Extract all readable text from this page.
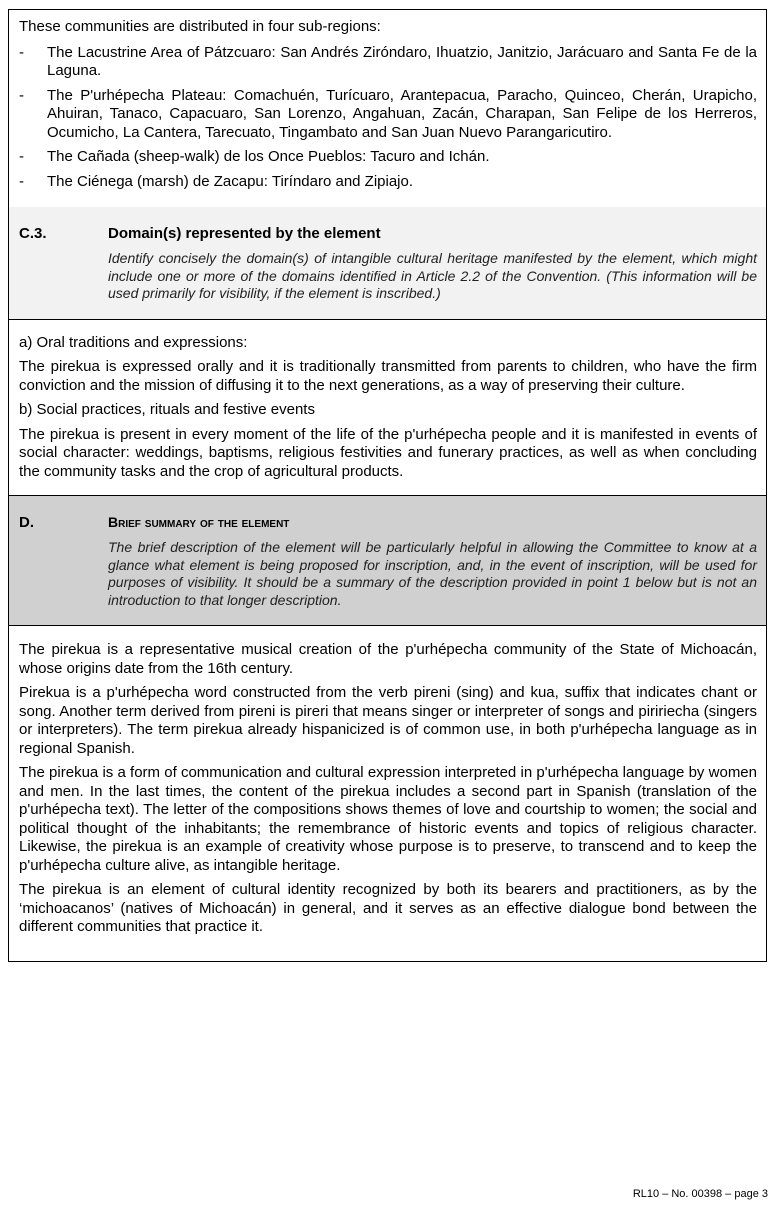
These communities are distributed in four sub-regions:

-	The Lacustrine Area of Pátzcuaro: San Andrés Ziróndaro, Ihuatzio, Janitzio, Jarácuaro and Santa Fe de la Laguna.

-	The P'urhépecha Plateau: Comachuén, Turícuaro, Arantepacua, Paracho, Quinceo, Cherán, Urapicho, Ahuiran, Tanaco, Capacuaro, San Lorenzo, Angahuan, Zacán, Charapan, San Felipe de los Herreros, Ocumicho, La Cantera, Tarecuato, Tingambato and San Juan Nuevo Parangaricutiro.

-	The Cañada (sheep-walk) de los Once Pueblos: Tacuro and Ichán.

-	The Ciénega (marsh) de Zacapu: Tiríndaro and Zipiajo.

C.3.	Domain(s) represented by the element
Identify concisely the domain(s) of intangible cultural heritage manifested by the element, which might include one or more of the domains identified in Article 2.2 of the Convention. (This information will be used primarily for visibility, if the element is inscribed.)

a) Oral traditions and expressions:

The pirekua is expressed orally and it is traditionally transmitted from parents to children, who have the firm conviction and the mission of diffusing it to the next generations, as a way of preserving their culture.

b) Social practices, rituals and festive events

The pirekua is present in every moment of the life of the p'urhépecha people and it is manifested in events of social character: weddings, baptisms, religious festivities and funerary practices, as well as when concluding the community tasks and the crop of agricultural products.

D.	Brief summary of the element
The brief description of the element will be particularly helpful in allowing the Committee to know at a glance what element is being proposed for inscription, and, in the event of inscription, will be used for purposes of visibility. It should be a summary of the description provided in point 1 below but is not an introduction to that longer description.

The pirekua is a representative musical creation of the p'urhépecha community of the State of Michoacán, whose origins date from the 16th century.

Pirekua is a p'urhépecha word constructed from the verb pireni (sing) and kua, suffix that indicates chant or song. Another term derived from pireni is pireri that means singer or interpreter of songs and piririecha (singers or interpreters). The term pirekua already hispanicized is of common use, in both p'urhépecha language as in regional Spanish.

The pirekua is a form of communication and cultural expression interpreted in p'urhépecha language by women and men. In the last times, the content of the pirekua includes a second part in Spanish (translation of the p'urhépecha text). The letter of the compositions shows themes of love and courtship to women; the social and political thought of the inhabitants; the remembrance of historic events and topics of religious character. Likewise, the pirekua is an example of creativity whose purpose is to preserve, to transcend and to keep the p'urhépecha culture alive, as intangible heritage.

The pirekua is an element of cultural identity recognized by both its bearers and practitioners, as by the ‘michoacanos’ (natives of Michoacán) in general, and it serves as an effective dialogue bond between the different communities that practice it.

RL10 – No. 00398 – page 3
